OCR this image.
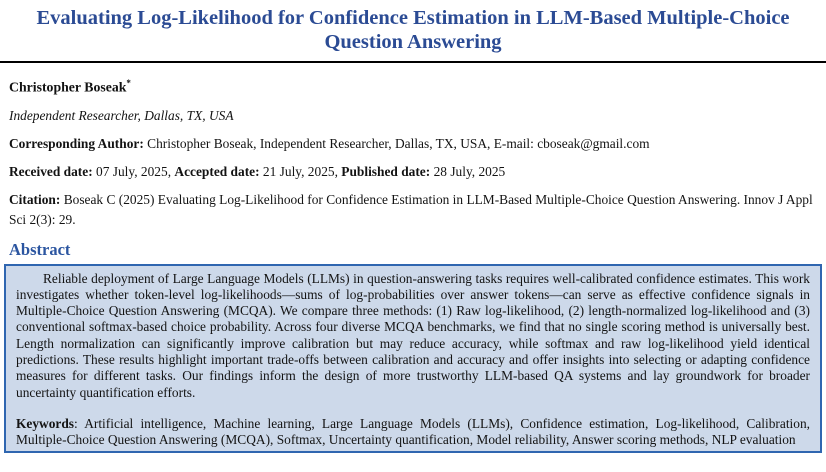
Evaluating Log-Likelihood for Confidence Estimation in LLM-Based Multiple-Choice Question Answering

Christopher Boseak*

Independent Researcher, Dallas, TX, USA

Corresponding Author: Christopher Boseak, Independent Researcher, Dallas, TX, USA, E-mail: cboseak@gmail.com

Received date: 07 July, 2025, Accepted date: 21 July, 2025, Published date: 28 July, 2025

Citation: Boseak C (2025) Evaluating Log-Likelihood for Confidence Estimation in LLM-Based Multiple-Choice Question Answering. Innov J Appl Sci 2(3): 29.

Abstract

Reliable deployment of Large Language Models (LLMs) in question-answering tasks requires well-calibrated confidence estimates. This work investigates whether token-level log-likelihoods—sums of log-probabilities over answer tokens—can serve as effective confidence signals in Multiple-Choice Question Answering (MCQA). We compare three methods: (1) Raw log-likelihood, (2) length-normalized log-likelihood and (3) conventional softmax-based choice probability. Across four diverse MCQA benchmarks, we find that no single scoring method is universally best. Length normalization can significantly improve calibration but may reduce accuracy, while softmax and raw log-likelihood yield identical predictions. These results highlight important trade-offs between calibration and accuracy and offer insights into selecting or adapting confidence measures for different tasks. Our findings inform the design of more trustworthy LLM-based QA systems and lay groundwork for broader uncertainty quantification efforts.

Keywords: Artificial intelligence, Machine learning, Large Language Models (LLMs), Confidence estimation, Log-likelihood, Calibration, Multiple-Choice Question Answering (MCQA), Softmax, Uncertainty quantification, Model reliability, Answer scoring methods, NLP evaluation
